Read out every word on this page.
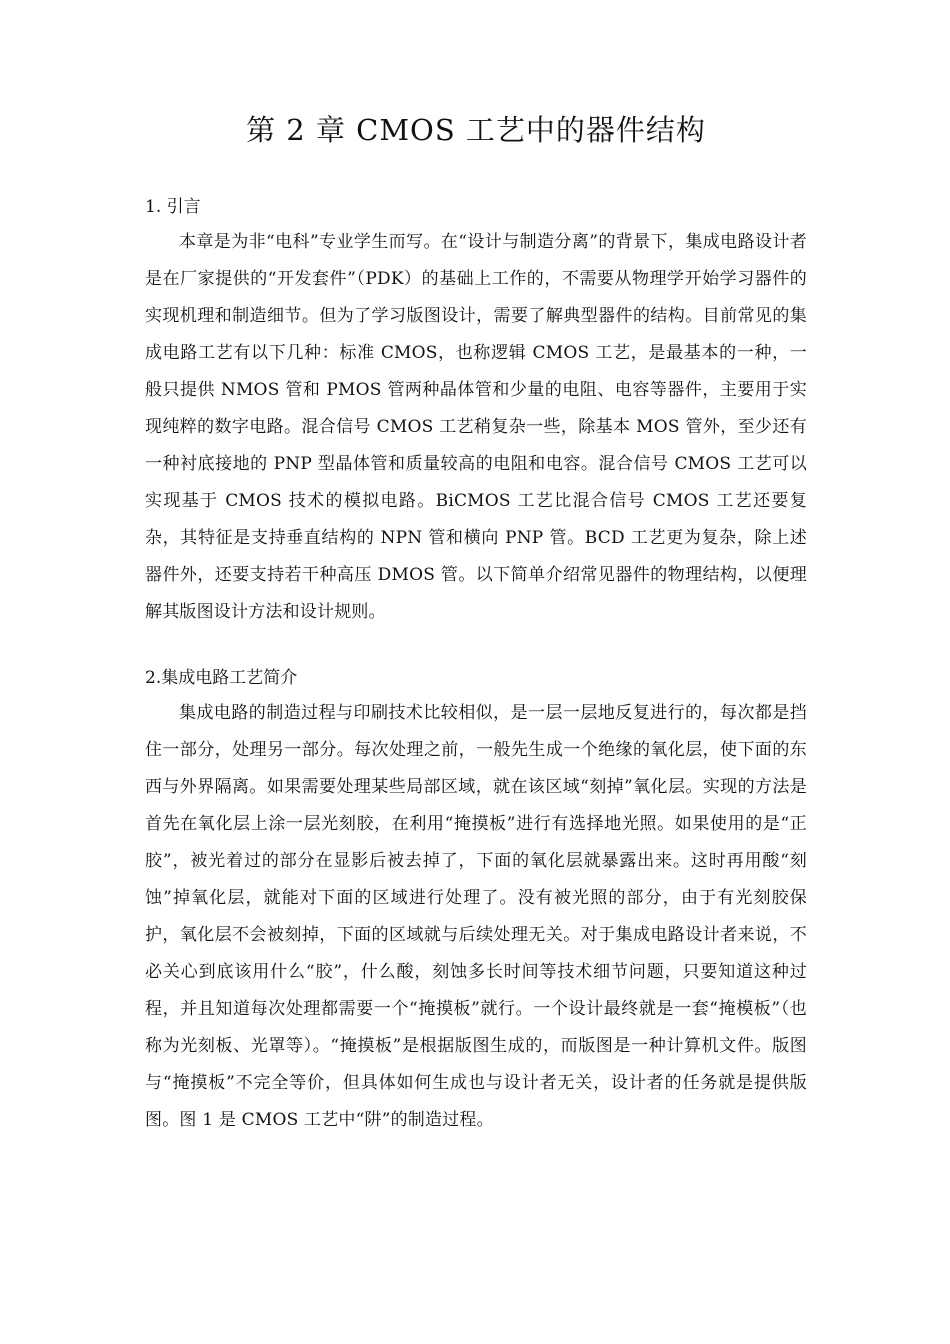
第 2 章 CMOS 工艺中的器件结构
1. 引言

本章是为非“电科”专业学生而写。在“设计与制造分离”的背景下，集成电路设计者是在厂家提供的“开发套件”（PDK）的基础上工作的，不需要从物理学开始学习器件的实现机理和制造细节。但为了学习版图设计，需要了解典型器件的结构。目前常见的集成电路工艺有以下几种：标准 CMOS，也称逻辑 CMOS 工艺，是最基本的一种，一般只提供 NMOS 管和 PMOS 管两种晶体管和少量的电阻、电容等器件，主要用于实现纯粹的数字电路。混合信号 CMOS 工艺稍复杂一些，除基本 MOS 管外，至少还有一种衬底接地的 PNP 型晶体管和质量较高的电阻和电容。混合信号 CMOS 工艺可以实现基于 CMOS 技术的模拟电路。BiCMOS 工艺比混合信号 CMOS 工艺还要复杂，其特征是支持垂直结构的 NPN 管和横向 PNP 管。BCD 工艺更为复杂，除上述器件外，还要支持若干种高压 DMOS 管。以下简单介绍常见器件的物理结构，以便理解其版图设计方法和设计规则。

2.集成电路工艺简介

集成电路的制造过程与印刷技术比较相似，是一层一层地反复进行的，每次都是挡住一部分，处理另一部分。每次处理之前，一般先生成一个绝缘的氧化层，使下面的东西与外界隔离。如果需要处理某些局部区域，就在该区域“刻掉”氧化层。实现的方法是首先在氧化层上涂一层光刻胶，在利用“掩摸板”进行有选择地光照。如果使用的是“正胶”，被光着过的部分在显影后被去掉了，下面的氧化层就暴露出来。这时再用酸“刻蚀”掉氧化层，就能对下面的区域进行处理了。没有被光照的部分，由于有光刻胶保护，氧化层不会被刻掉，下面的区域就与后续处理无关。对于集成电路设计者来说，不必关心到底该用什么“胶”，什么酸，刻蚀多长时间等技术细节问题，只要知道这种过程，并且知道每次处理都需要一个“掩摸板”就行。一个设计最终就是一套“掩模板”（也称为光刻板、光罩等）。“掩摸板”是根据版图生成的，而版图是一种计算机文件。版图与“掩摸板”不完全等价，但具体如何生成也与设计者无关，设计者的任务就是提供版图。图 1 是 CMOS 工艺中“阱”的制造过程。
